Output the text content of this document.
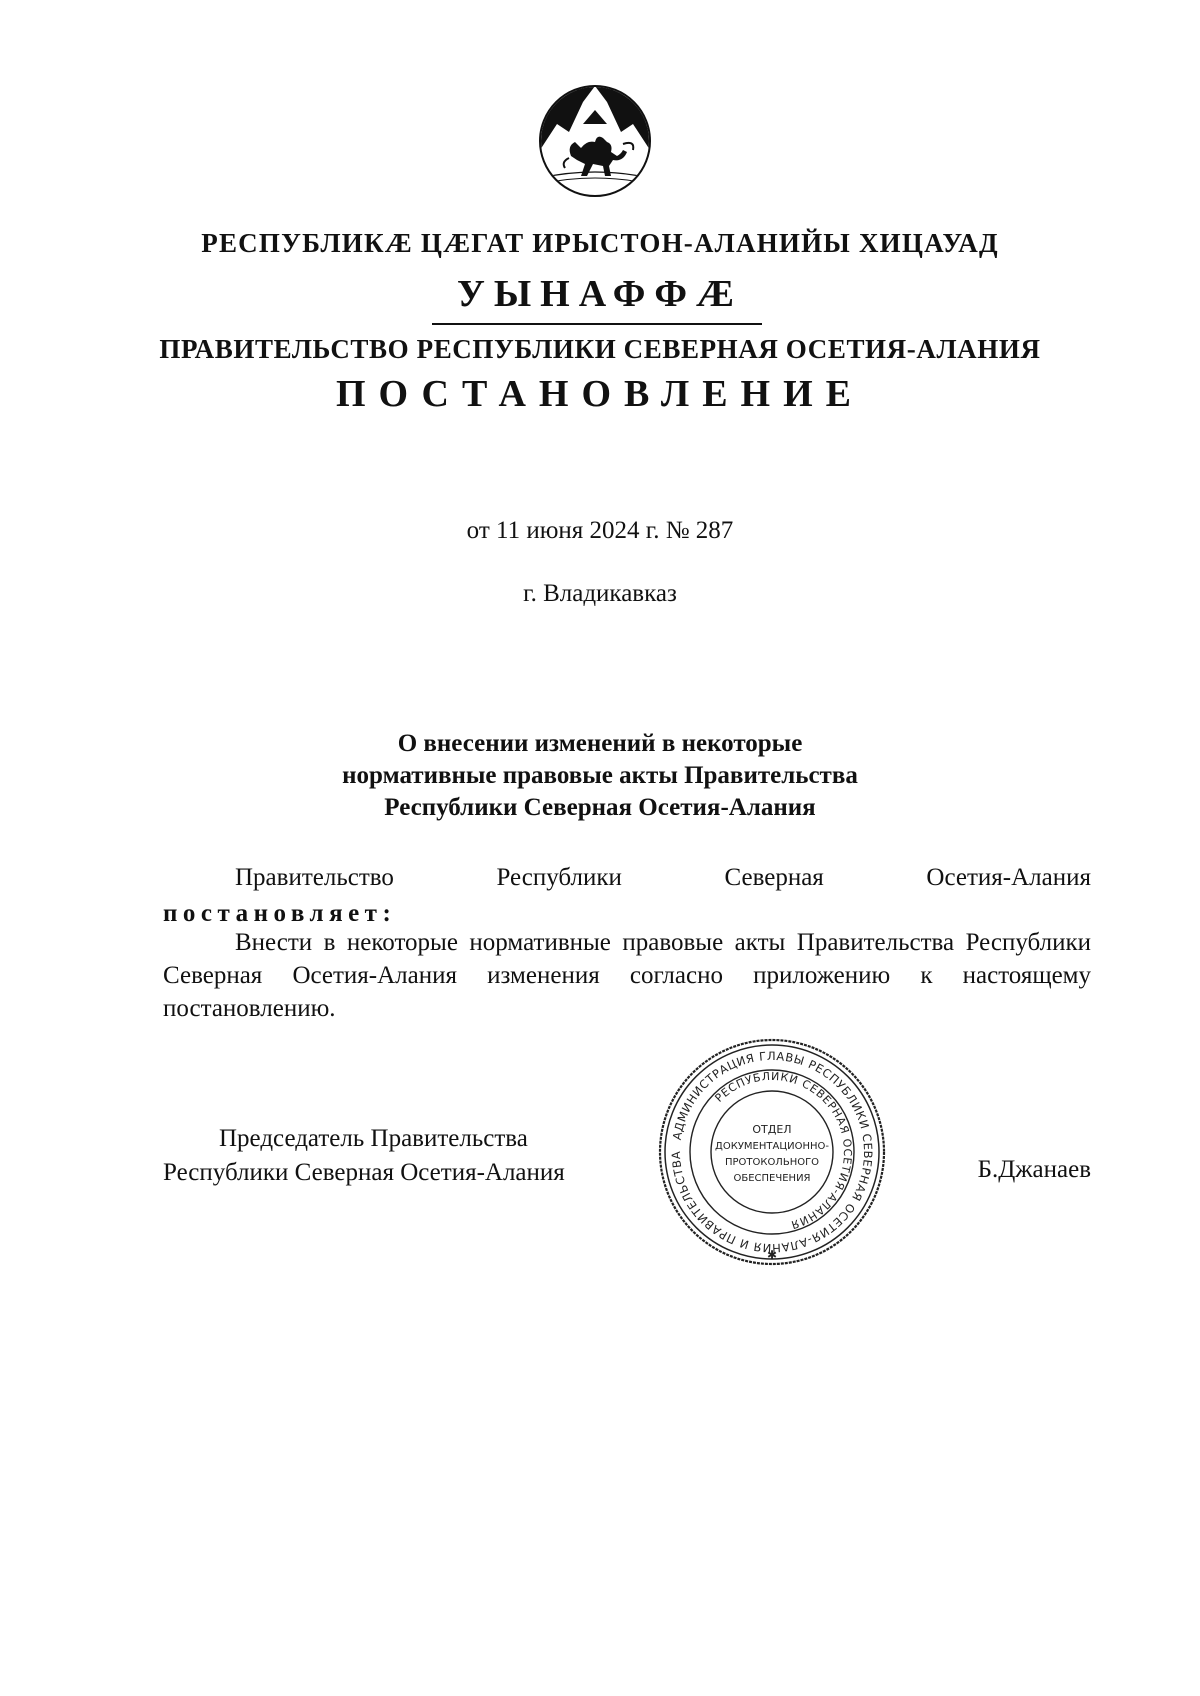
РЕСПУБЛИКӔ ЦӔГАТ ИРЫСТОН-АЛАНИЙЫ ХИЦАУАД
УЫНАФФӔ
ПРАВИТЕЛЬСТВО РЕСПУБЛИКИ СЕВЕРНАЯ ОСЕТИЯ-АЛАНИЯ
ПОСТАНОВЛЕНИЕ
от 11 июня 2024 г. № 287
г. Владикавказ
О внесении изменений в некоторые
нормативные правовые акты Правительства
Республики Северная Осетия-Алания
Правительство	Республики	Северная	Осетия-Алания
постановляет:
Внести в некоторые нормативные правовые акты Правительства Республики Северная Осетия-Алания изменения согласно приложению к настоящему постановлению.
Председатель Правительства
Республики Северная Осетия-Алания	Б.Джанаев
АДМИНИСТРАЦИЯ ГЛАВЫ РЕСПУБЛИКИ СЕВЕРНАЯ ОСЕТИЯ-АЛАНИЯ И ПРАВИТЕЛЬСТВА
РЕСПУБЛИКИ СЕВЕРНАЯ ОСЕТИЯ-АЛАНИЯ
ОТДЕЛ
ДОКУМЕНТАЦИОННО-
ПРОТОКОЛЬНОГО
ОБЕСПЕЧЕНИЯ
✱
